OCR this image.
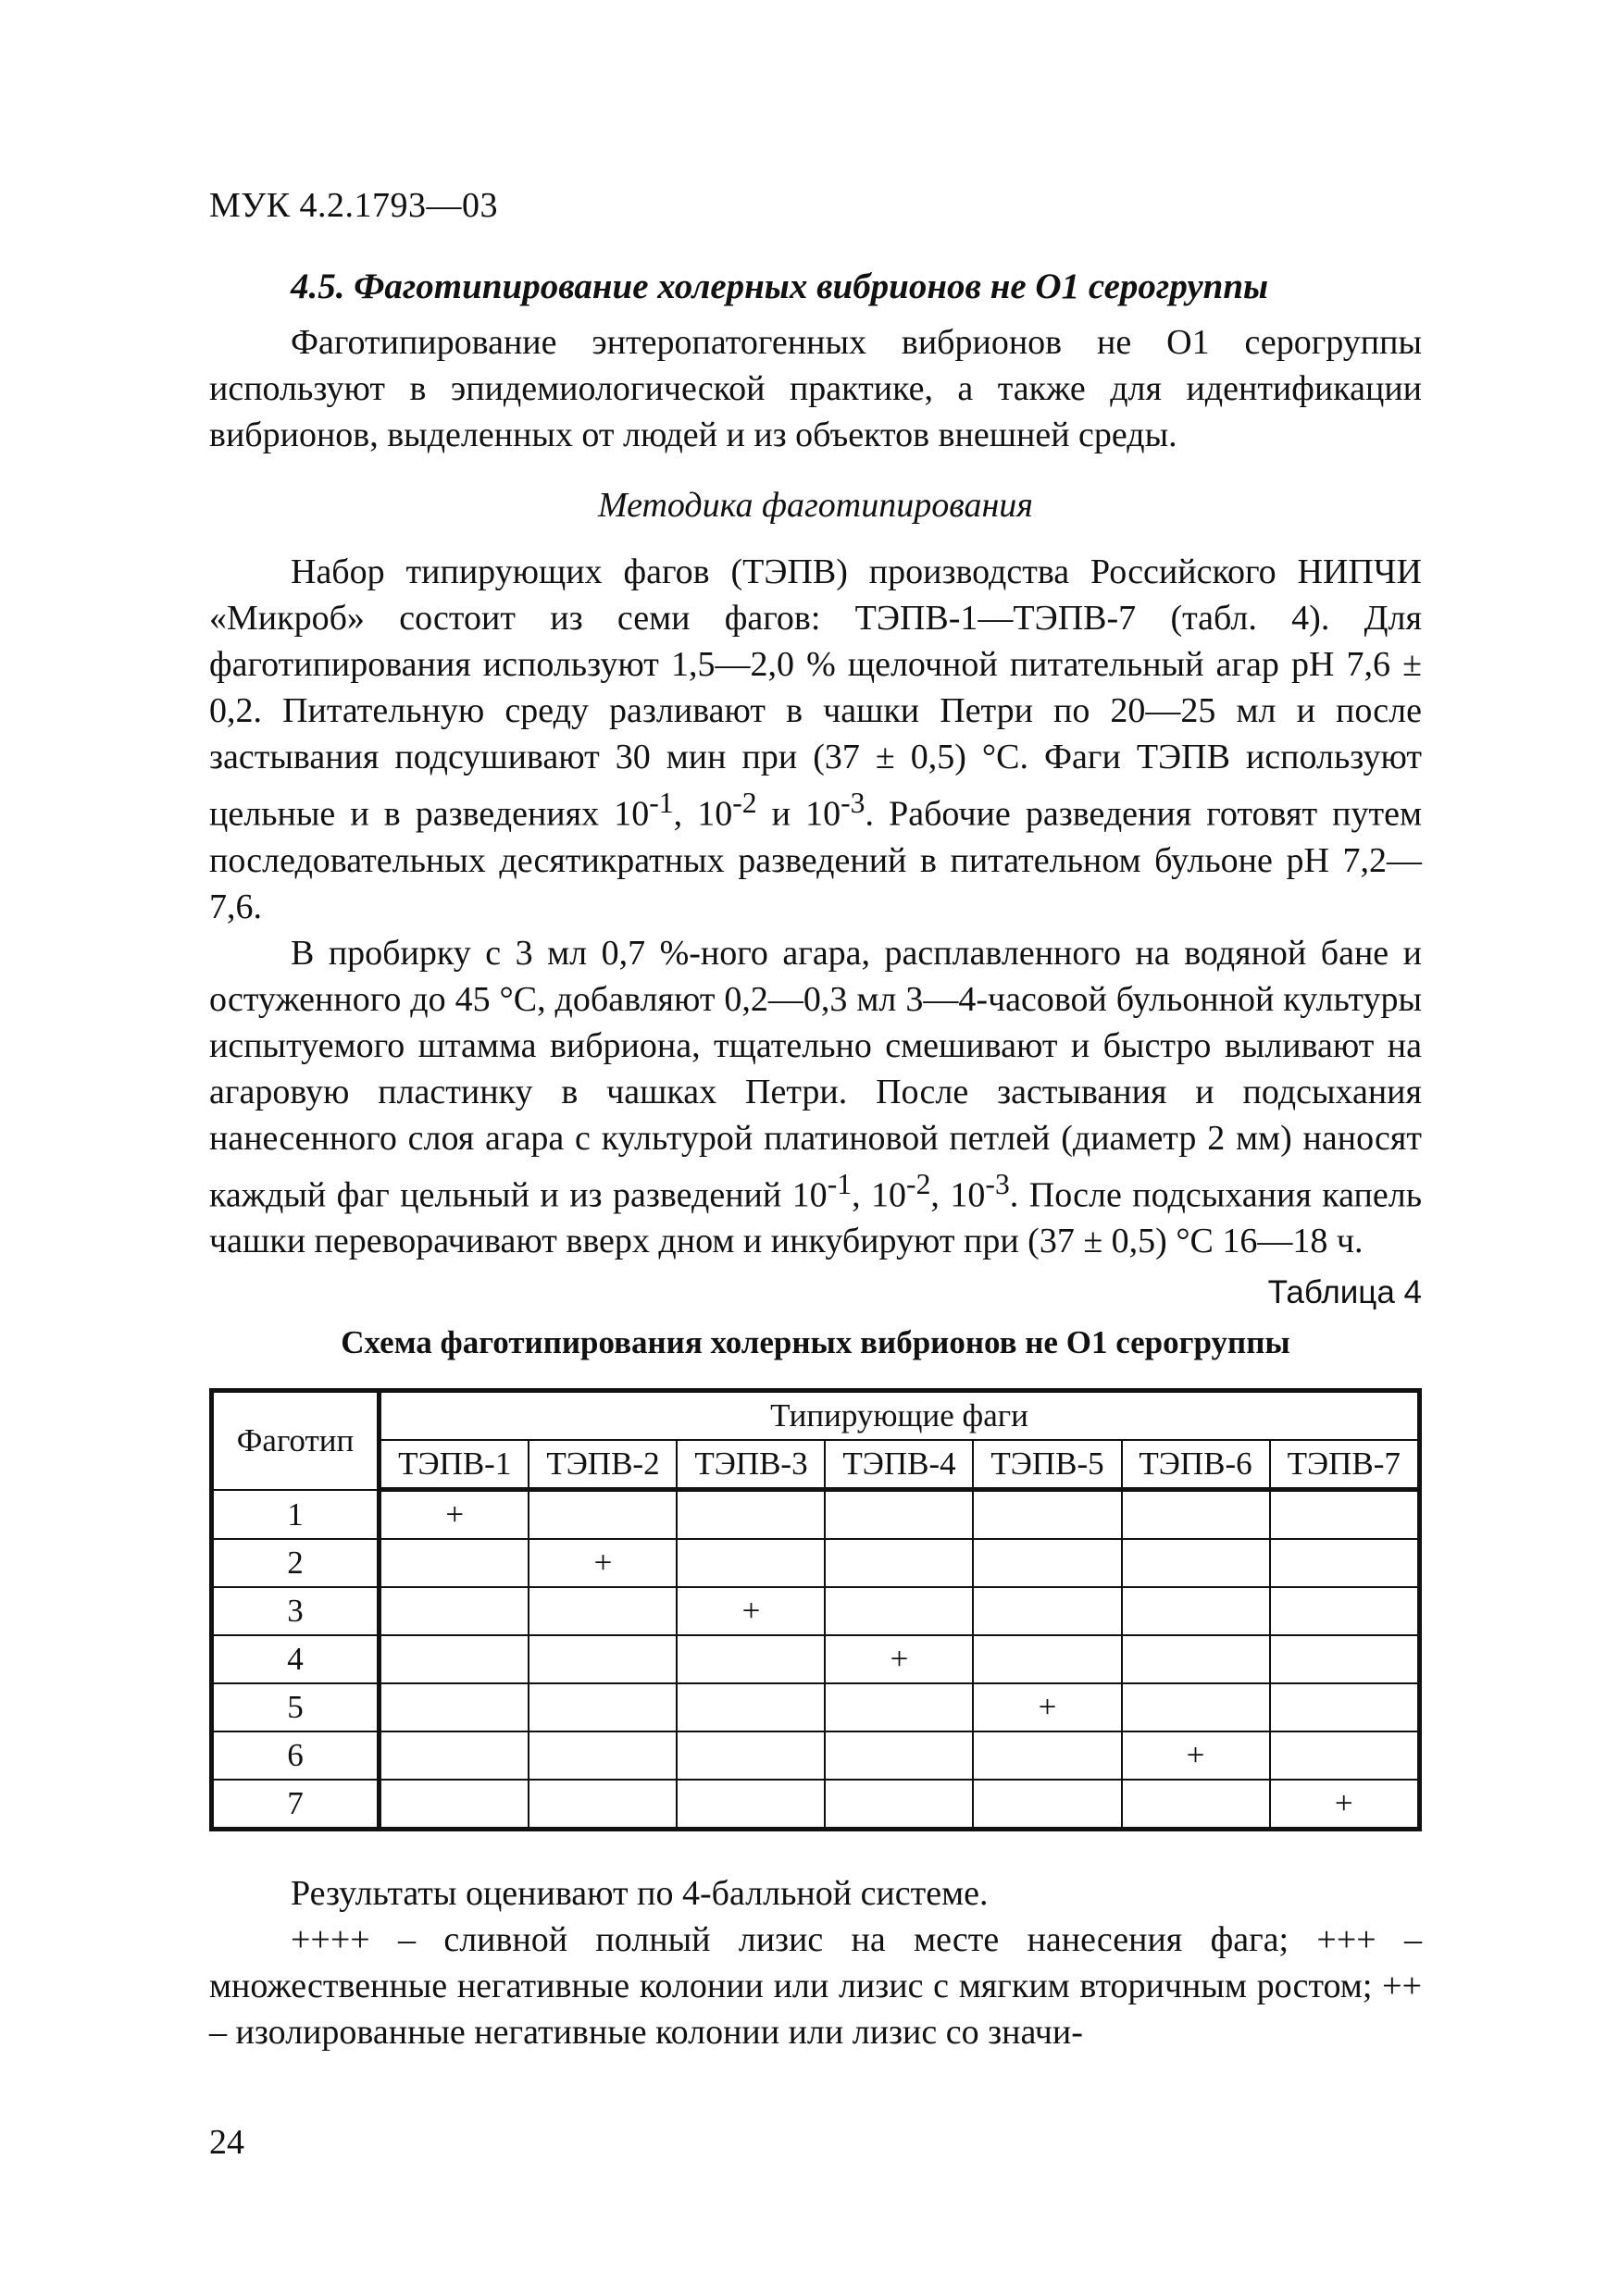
МУК 4.2.1793—03
4.5. Фаготипирование холерных вибрионов не О1 серогруппы

Фаготипирование энтеропатогенных вибрионов не О1 серогруппы используют в эпидемиологической практике, а также для идентификации вибрионов, выделенных от людей и из объектов внешней среды.

Методика фаготипирования

Набор типирующих фагов (ТЭПВ) производства Российского НИПЧИ «Микроб» состоит из семи фагов: ТЭПВ-1—ТЭПВ-7 (табл. 4). Для фаготипирования используют 1,5—2,0 % щелочной питательный агар рН 7,6 ± 0,2. Питательную среду разливают в чашки Петри по 20—25 мл и после застывания подсушивают 30 мин при (37 ± 0,5) °С. Фаги ТЭПВ используют цельные и в разведениях $10^{-1}$, $10^{-2}$ и $10^{-3}$. Рабочие разведения готовят путем последовательных десятикратных разведений в питательном бульоне рН 7,2—7,6.

В пробирку с 3 мл 0,7 %-ного агара, расплавленного на водяной бане и остуженного до 45 °С, добавляют 0,2—0,3 мл 3—4-часовой бульонной культуры испытуемого штамма вибриона, тщательно смешивают и быстро выливают на агаровую пластинку в чашках Петри. После застывания и подсыхания нанесенного слоя агара с культурой платиновой петлей (диаметр 2 мм) наносят каждый фаг цельный и из разведений $10^{-1}$, $10^{-2}$, $10^{-3}$. После подсыхания капель чашки переворачивают вверх дном и инкубируют при (37 ± 0,5) °С 16—18 ч.

Таблица 4
Схема фаготипирования холерных вибрионов не О1 серогруппы
Фаготип	Типирующие фаги						
	ТЭПВ-1	ТЭПВ-2	ТЭПВ-3	ТЭПВ-4	ТЭПВ-5	ТЭПВ-6	ТЭПВ-7
1	+						
2		+					
3			+				
4				+			
5					+		
6						+	
7							+

Результаты оценивают по 4-балльной системе.

++++ – сливной полный лизис на месте нанесения фага; +++ – множественные негативные колонии или лизис с мягким вторичным ростом; ++ – изолированные негативные колонии или лизис со значи-

24
